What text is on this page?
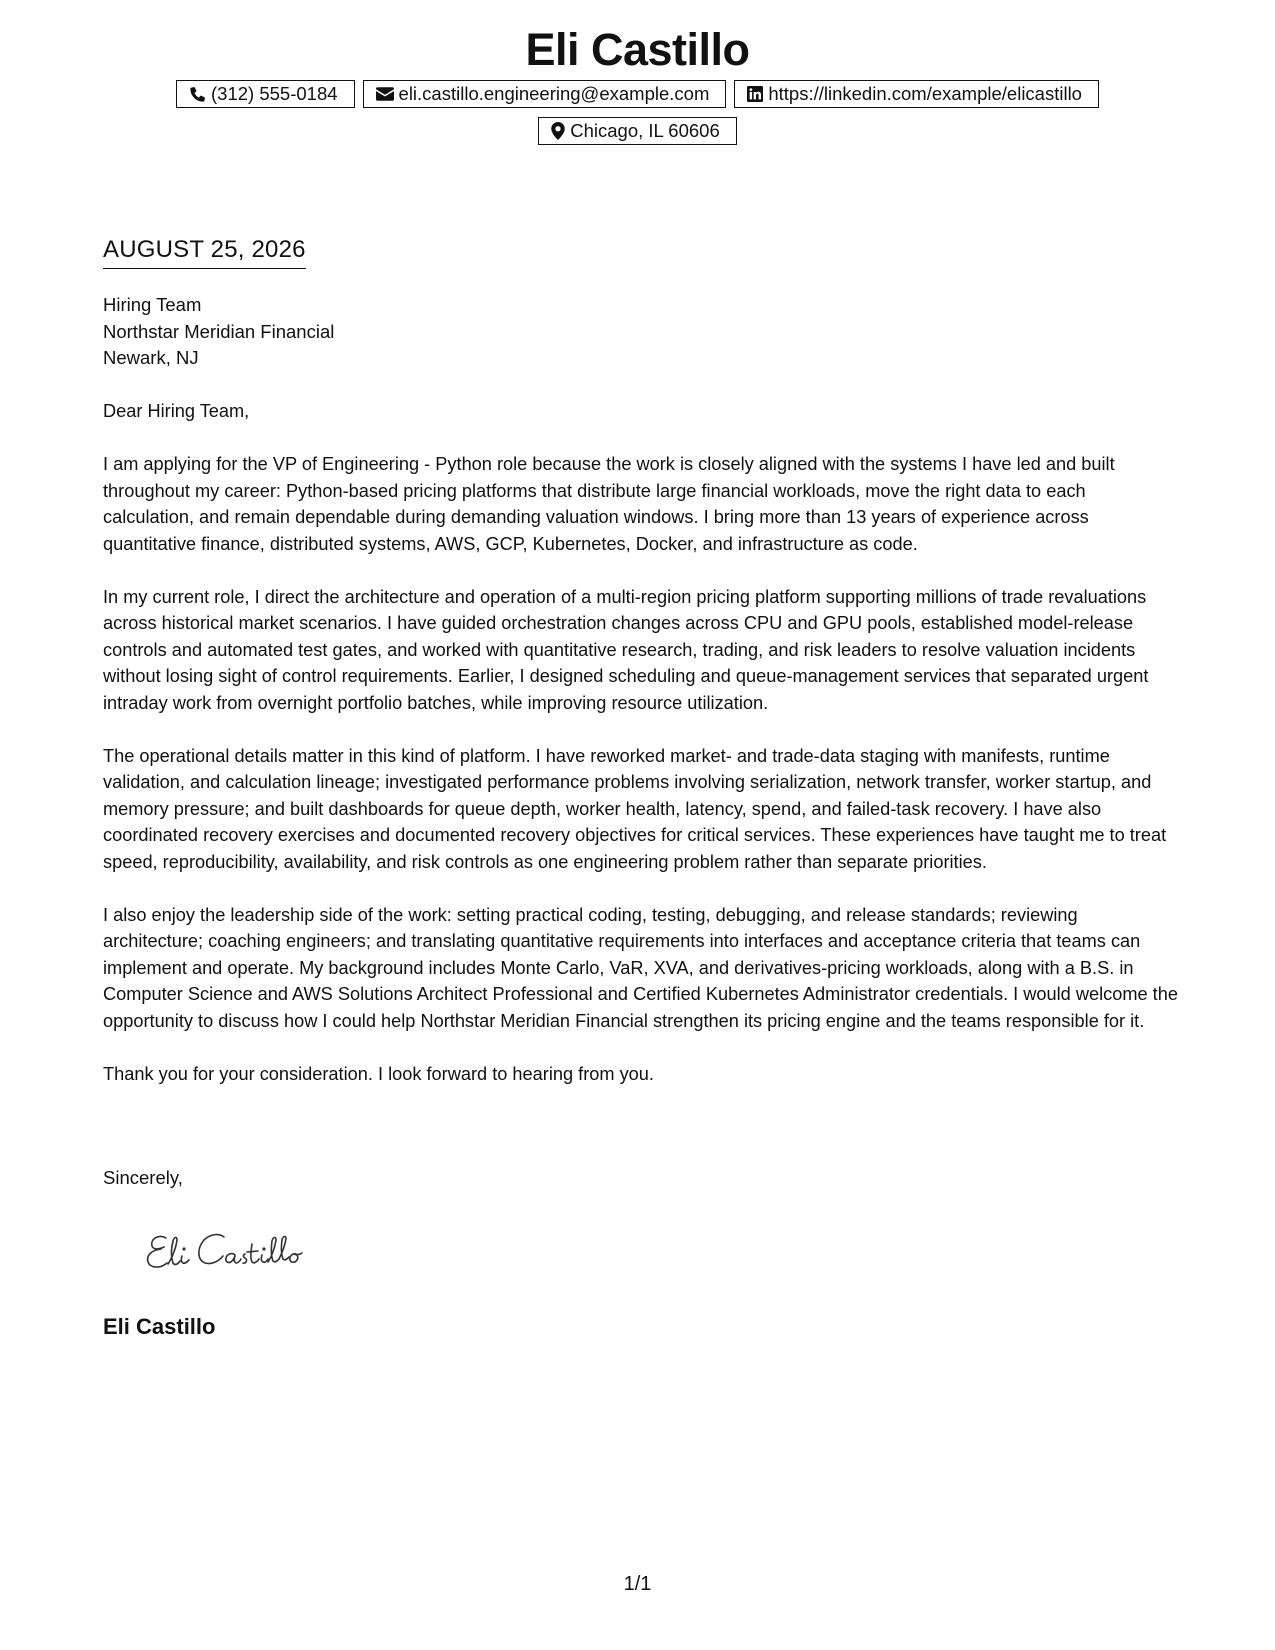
Eli Castillo
(312) 555-0184	eli.castillo.engineering@example.com	https://linkedin.com/example/elicastillo
Chicago, IL 60606
AUGUST 25, 2026
Hiring Team
Northstar Meridian Financial
Newark, NJ

Dear Hiring Team,

I am applying for the VP of Engineering - Python role because the work is closely aligned with the systems I have led and built throughout my career: Python-based pricing platforms that distribute large financial workloads, move the right data to each calculation, and remain dependable during demanding valuation windows. I bring more than 13 years of experience across quantitative finance, distributed systems, AWS, GCP, Kubernetes, Docker, and infrastructure as code.

In my current role, I direct the architecture and operation of a multi-region pricing platform supporting millions of trade revaluations across historical market scenarios. I have guided orchestration changes across CPU and GPU pools, established model-release controls and automated test gates, and worked with quantitative research, trading, and risk leaders to resolve valuation incidents without losing sight of control requirements. Earlier, I designed scheduling and queue-management services that separated urgent intraday work from overnight portfolio batches, while improving resource utilization.

The operational details matter in this kind of platform. I have reworked market- and trade-data staging with manifests, runtime validation, and calculation lineage; investigated performance problems involving serialization, network transfer, worker startup, and memory pressure; and built dashboards for queue depth, worker health, latency, spend, and failed-task recovery. I have also coordinated recovery exercises and documented recovery objectives for critical services. These experiences have taught me to treat speed, reproducibility, availability, and risk controls as one engineering problem rather than separate priorities.

I also enjoy the leadership side of the work: setting practical coding, testing, debugging, and release standards; reviewing architecture; coaching engineers; and translating quantitative requirements into interfaces and acceptance criteria that teams can implement and operate. My background includes Monte Carlo, VaR, XVA, and derivatives-pricing workloads, along with a B.S. in Computer Science and AWS Solutions Architect Professional and Certified Kubernetes Administrator credentials. I would welcome the opportunity to discuss how I could help Northstar Meridian Financial strengthen its pricing engine and the teams responsible for it.

Thank you for your consideration. I look forward to hearing from you.

Sincerely,
Eli Castillo
1/1
